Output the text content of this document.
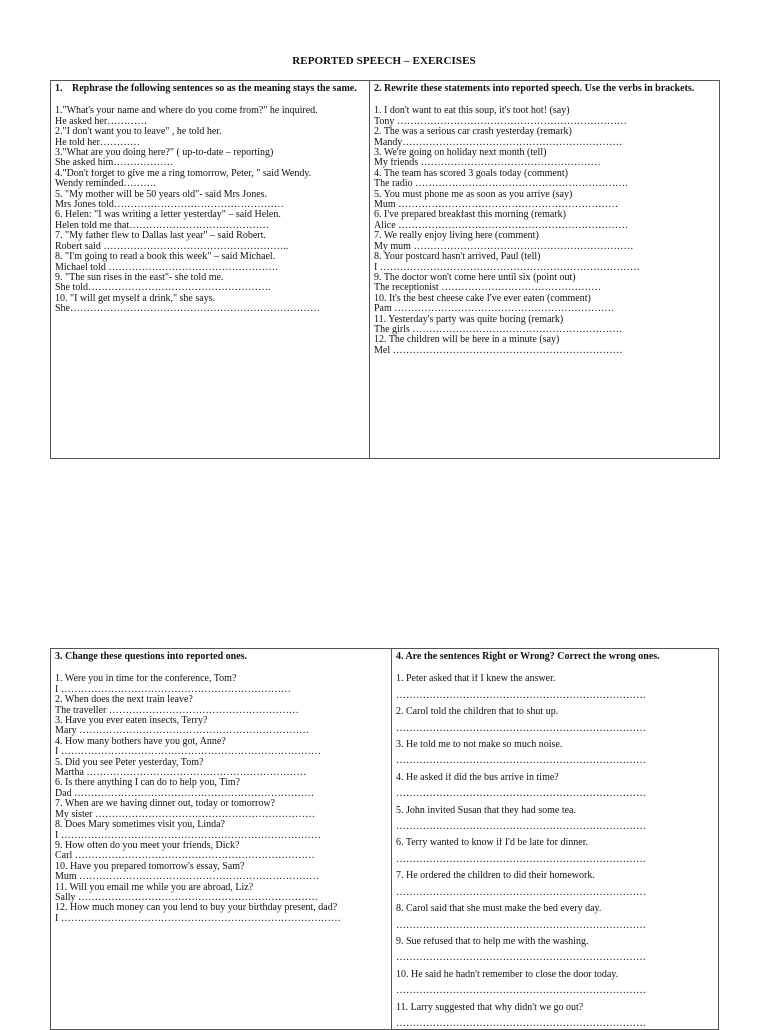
REPORTED SPEECH – EXERCISES
1. Rephrase the following sentences so as the meaning stays the same.
1."What's your name and where do you come from?" he inquired.
He asked her…………
2."I don't want you to leave" , he told her.
He told her…………
3."What are you doing here?" ( up-to-date – reporting)
She asked him………………
4."Don't forget to give me a ring tomorrow, Peter, " said Wendy.
Wendy reminded……….
5. "My mother will be 50 years old"- said Mrs Jones.
Mrs Jones told……………………………………………
6. Helen: "I was writing a letter yesterday" – said Helen.
Helen told me that……………………………………
7. "My father flew to Dallas last year" – said Robert.
Robert said ………………………………………………..
8. "I'm going to read a book this week" – said Michael.
Michael told ……………………………………………
9. "The sun rises in the east"- she told me.
She told……………………………………………….
10. "I will get myself a drink," she says.
She…………………………………………………………………

2. Rewrite these statements into reported speech. Use the verbs in brackets.
1. I don't want to eat this soup, it's toot hot! (say)
Tony ……………………………………………………………
2. The was a serious car crash yesterday (remark)
Mandy…………………………………………………………
3. We're going on holiday next month (tell)
My friends ………………………………………………
4. The team has scored 3 goals today (comment)
The radio ……………………………………………………….
5. You must phone me as soon as you arrive (say)
Mum …………………………………………………………
6. I've prepared breakfast this morning (remark)
Alice ……………………………………………………………
7. We really enjoy living here (comment)
My mum …………………………………………………………
8. Your postcard hasn't arrived, Paul (tell)
I ……………………………………………………………………
9. The doctor won't come here until six (point out)
The receptionist …………………………………………
10. It's the best cheese cake I've ever eaten (comment)
Pam …………………………………………………………
11. Yesterday's party was quite boring (remark)
The girls ………………………………………………………
12. The children will be here in a minute (say)
Mel ……………………………………………………………
3. Change these questions into reported ones.
1. Were you in time for the conference, Tom?
I ……………………………………………………………
2. When does the next train leave?
The traveller …………………………………………………
3. Have you ever eaten insects, Terry?
Mary ……………………………………………………………
4. How many bothers have you got, Anne?
I ……………………………………………………………………
5. Did you see Peter yesterday, Tom?
Martha …………………………………………………………
6. Is there anything I can do to help you, Tim?
Dad ………………………………………………………………
7. When are we having dinner out, today or tomorrow?
My sister …………………………………………………………
8. Does Mary sometimes visit you, Linda?
I ……………………………………………………………………
9. How often do you meet your friends, Dick?
Carl ………………………………………………………………
10. Have you prepared tomorrow's essay, Sam?
Mum ………………………………………………………………
11. Will you email me while you are abroad, Liz?
Sally ………………………………………………………………
12. How much money can you lend to buy your birthday present, dad?
I …………………………………………………………………………

4. Are the sentences Right or Wrong? Correct the wrong ones.
1. Peter asked that if I knew the answer.
…………………………………………………………………
2. Carol told the children that to shut up.
…………………………………………………………………
3. He told me to not make so much noise.
…………………………………………………………………
4. He asked if did the bus arrive in time?
…………………………………………………………………
5. John invited Susan that they had some tea.
…………………………………………………………………
6. Terry wanted to know if I'd be late for dinner.
…………………………………………………………………
7. He ordered the children to did their homework.
…………………………………………………………………
8. Carol said that she must make the bed every day.
…………………………………………………………………
9. Sue refused that to help me with the washing.
…………………………………………………………………
10. He said he hadn't remember to close the door today.
…………………………………………………………………
11. Larry suggested that why didn't we go out?
…………………………………………………………………
